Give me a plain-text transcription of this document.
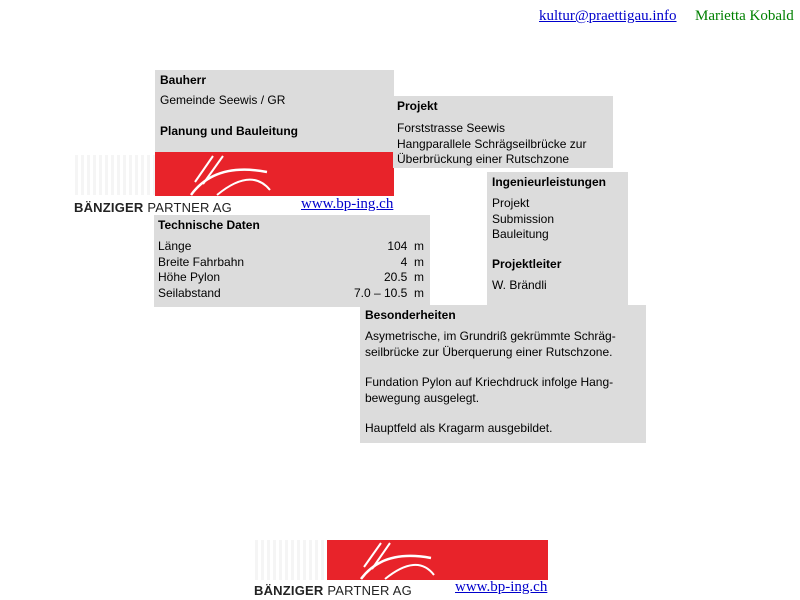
kultur@praettigau.info Marietta Kobald
Bauherr

Gemeinde Seewis / GR

Planung und Bauleitung
BÄNZIGER PARTNER AG	www.bp-ing.ch
Projekt

Forststrasse Seewis

Hangparallele Schrägseilbrücke zur

Überbrückung einer Rutschzone

Ingenieurleistungen

Projekt

Submission

Bauleitung

Projektleiter

W. Brändli

Technische Daten
Länge	104  m
Breite Fahrbahn	4  m
Höhe Pylon	20.5  m
Seilabstand	7.0 – 10.5  m
Besonderheiten

Asymetrische, im Grundriß gekrümmte Schräg-

seilbrücke zur Überquerung einer Rutschzone.

Fundation Pylon auf Kriechdruck infolge Hang-

bewegung ausgelegt.

Hauptfeld als Kragarm ausgebildet.

BÄNZIGER PARTNER AG	www.bp-ing.ch
